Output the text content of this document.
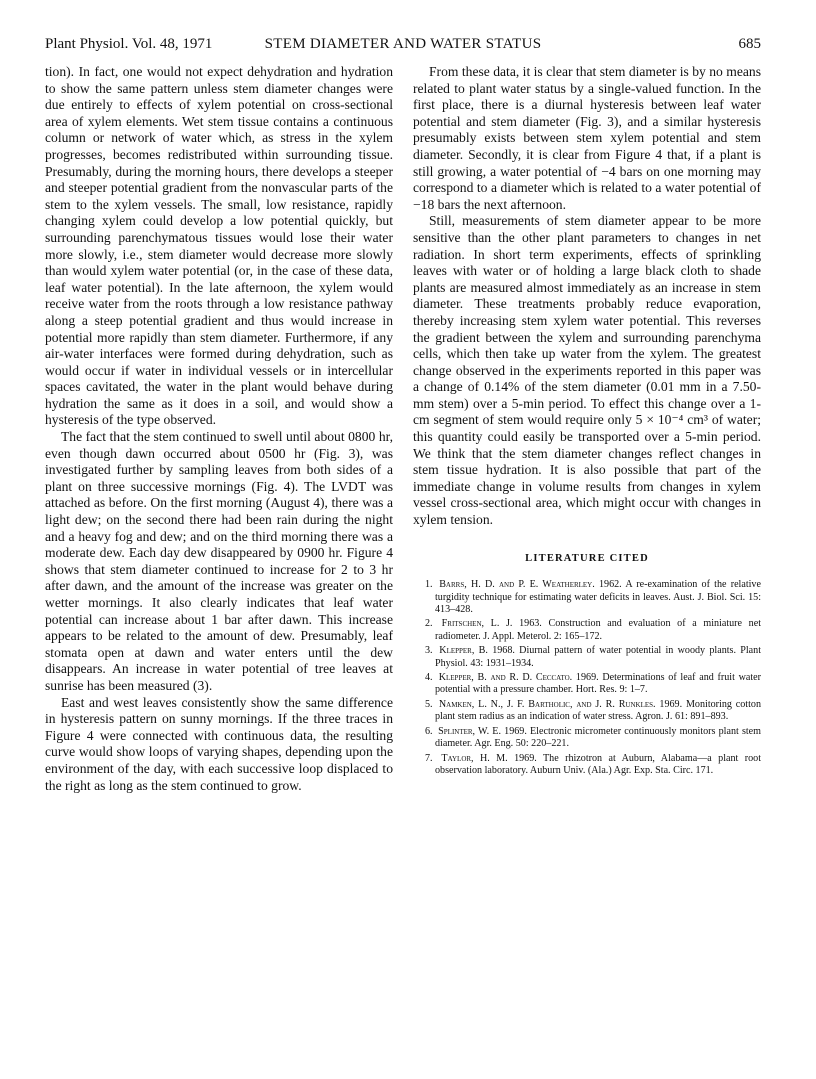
Plant Physiol. Vol. 48, 1971	STEM DIAMETER AND WATER STATUS	685

tion). In fact, one would not expect dehydration and hydration to show the same pattern unless stem diameter changes were due entirely to effects of xylem potential on cross-sectional area of xylem elements. Wet stem tissue contains a continuous column or network of water which, as stress in the xylem progresses, becomes redistributed within surrounding tissue. Presumably, during the morning hours, there develops a steeper and steeper potential gradient from the nonvascular parts of the stem to the xylem vessels. The small, low resistance, rapidly changing xylem could develop a low potential quickly, but surrounding parenchymatous tissues would lose their water more slowly, i.e., stem diameter would decrease more slowly than would xylem water potential (or, in the case of these data, leaf water potential). In the late afternoon, the xylem would receive water from the roots through a low resistance pathway along a steep potential gradient and thus would increase in potential more rapidly than stem diameter. Furthermore, if any air-water interfaces were formed during dehydration, such as would occur if water in individual vessels or in intercellular spaces cavitated, the water in the plant would behave during hydration the same as it does in a soil, and would show a hysteresis of the type observed.

The fact that the stem continued to swell until about 0800 hr, even though dawn occurred about 0500 hr (Fig. 3), was investigated further by sampling leaves from both sides of a plant on three successive mornings (Fig. 4). The LVDT was attached as before. On the first morning (August 4), there was a light dew; on the second there had been rain during the night and a heavy fog and dew; and on the third morning there was a moderate dew. Each day dew disappeared by 0900 hr. Figure 4 shows that stem diameter continued to increase for 2 to 3 hr after dawn, and the amount of the increase was greater on the wetter mornings. It also clearly indicates that leaf water potential can increase about 1 bar after dawn. This increase appears to be related to the amount of dew. Presumably, leaf stomata open at dawn and water enters until the dew disappears. An increase in water potential of tree leaves at sunrise has been measured (3).

East and west leaves consistently show the same difference in hysteresis pattern on sunny mornings. If the three traces in Figure 4 were connected with continuous data, the resulting curve would show loops of varying shapes, depending upon the environment of the day, with each successive loop displaced to the right as long as the stem continued to grow.

From these data, it is clear that stem diameter is by no means related to plant water status by a single-valued function. In the first place, there is a diurnal hysteresis between leaf water potential and stem diameter (Fig. 3), and a similar hysteresis presumably exists between stem xylem potential and stem diameter. Secondly, it is clear from Figure 4 that, if a plant is still growing, a water potential of −4 bars on one morning may correspond to a diameter which is related to a water potential of −18 bars the next afternoon.

Still, measurements of stem diameter appear to be more sensitive than the other plant parameters to changes in net radiation. In short term experiments, effects of sprinkling leaves with water or of holding a large black cloth to shade plants are measured almost immediately as an increase in stem diameter. These treatments probably reduce evaporation, thereby increasing stem xylem water potential. This reverses the gradient between the xylem and surrounding parenchyma cells, which then take up water from the xylem. The greatest change observed in the experiments reported in this paper was a change of 0.14% of the stem diameter (0.01 mm in a 7.50-mm stem) over a 5-min period. To effect this change over a 1-cm segment of stem would require only 5 × 10⁻⁴ cm³ of water; this quantity could easily be transported over a 5-min period. We think that the stem diameter changes reflect changes in stem tissue hydration. It is also possible that part of the immediate change in volume results from changes in xylem vessel cross-sectional area, which might occur with changes in xylem tension.

LITERATURE CITED
1. Barrs, H. D. and P. E. Weatherley. 1962. A re-examination of the relative turgidity technique for estimating water deficits in leaves. Aust. J. Biol. Sci. 15: 413–428.
2. Fritschen, L. J. 1963. Construction and evaluation of a miniature net radiometer. J. Appl. Meterol. 2: 165–172.
3. Klepper, B. 1968. Diurnal pattern of water potential in woody plants. Plant Physiol. 43: 1931–1934.
4. Klepper, B. and R. D. Ceccato. 1969. Determinations of leaf and fruit water potential with a pressure chamber. Hort. Res. 9: 1–7.
5. Namken, L. N., J. F. Bartholic, and J. R. Runkles. 1969. Monitoring cotton plant stem radius as an indication of water stress. Agron. J. 61: 891–893.
6. Splinter, W. E. 1969. Electronic micrometer continuously monitors plant stem diameter. Agr. Eng. 50: 220–221.
7. Taylor, H. M. 1969. The rhizotron at Auburn, Alabama—a plant root observation laboratory. Auburn Univ. (Ala.) Agr. Exp. Sta. Circ. 171.
